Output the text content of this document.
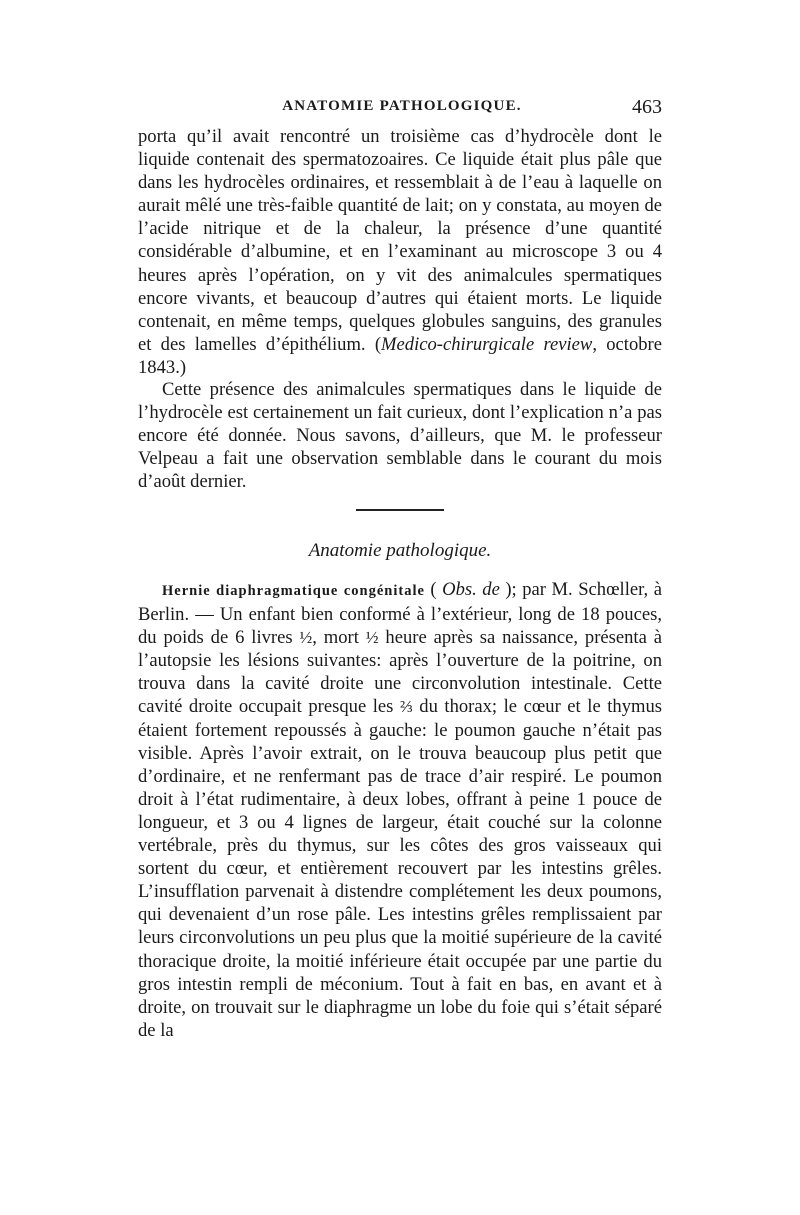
ANATOMIE PATHOLOGIQUE.	463

porta qu’il avait rencontré un troisième cas d’hydrocèle dont le liquide contenait des spermatozoaires. Ce liquide était plus pâle que dans les hydrocèles ordinaires, et ressemblait à de l’eau à laquelle on aurait mêlé une très-faible quantité de lait; on y constata, au moyen de l’acide nitrique et de la chaleur, la présence d’une quantité considérable d’albumine, et en l’examinant au microscope 3 ou 4 heures après l’opération, on y vit des animalcules spermatiques encore vivants, et beaucoup d’autres qui étaient morts. Le liquide contenait, en même temps, quelques globules sanguins, des granules et des lamelles d’épithélium. (Medico-chirurgicale review, octobre 1843.)

Cette présence des animalcules spermatiques dans le liquide de l’hydrocèle est certainement un fait curieux, dont l’explication n’a pas encore été donnée. Nous savons, d’ailleurs, que M. le professeur Velpeau a fait une observation semblable dans le courant du mois d’août dernier.

Anatomie pathologique.

Hernie diaphragmatique congénitale ( Obs. de ); par M. Schœller, à Berlin. — Un enfant bien conformé à l’extérieur, long de 18 pouces, du poids de 6 livres ½, mort ½ heure après sa naissance, présenta à l’autopsie les lésions suivantes: après l’ouverture de la poitrine, on trouva dans la cavité droite une circonvolution intestinale. Cette cavité droite occupait presque les ⅔ du thorax; le cœur et le thymus étaient fortement repoussés à gauche: le poumon gauche n’était pas visible. Après l’avoir extrait, on le trouva beaucoup plus petit que d’ordinaire, et ne renfermant pas de trace d’air respiré. Le poumon droit à l’état rudimentaire, à deux lobes, offrant à peine 1 pouce de longueur, et 3 ou 4 lignes de largeur, était couché sur la colonne vertébrale, près du thymus, sur les côtes des gros vaisseaux qui sortent du cœur, et entièrement recouvert par les intestins grêles. L’insufflation parvenait à distendre complétement les deux poumons, qui devenaient d’un rose pâle. Les intestins grêles remplissaient par leurs circonvolutions un peu plus que la moitié supérieure de la cavité thoracique droite, la moitié inférieure était occupée par une partie du gros intestin rempli de méconium. Tout à fait en bas, en avant et à droite, on trouvait sur le diaphragme un lobe du foie qui s’était séparé de la
